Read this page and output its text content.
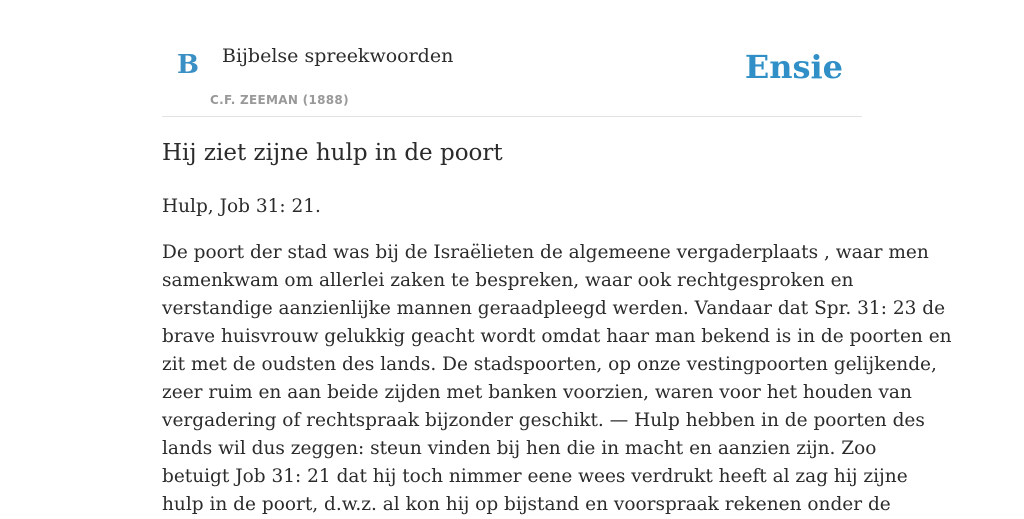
B Bijbelse spreekwoorden
C.F. ZEEMAN (1888)
Ensie
Hij ziet zijne hulp in de poort

Hulp, Job 31: 21.

De poort der stad was bij de Israëlieten de algemeene vergaderplaats , waar men
samenkwam om allerlei zaken te bespreken, waar ook rechtgesproken en
verstandige aanzienlijke mannen geraadpleegd werden. Vandaar dat Spr. 31: 23 de
brave huisvrouw gelukkig geacht wordt omdat haar man bekend is in de poorten en
zit met de oudsten des lands. De stadspoorten, op onze vestingpoorten gelijkende,
zeer ruim en aan beide zijden met banken voorzien, waren voor het houden van
vergadering of rechtspraak bijzonder geschikt. — Hulp hebben in de poorten des
lands wil dus zeggen: steun vinden bij hen die in macht en aanzien zijn. Zoo
betuigt Job 31: 21 dat hij toch nimmer eene wees verdrukt heeft al zag hij zijne
hulp in de poort, d.w.z. al kon hij op bijstand en voorspraak rekenen onder de
